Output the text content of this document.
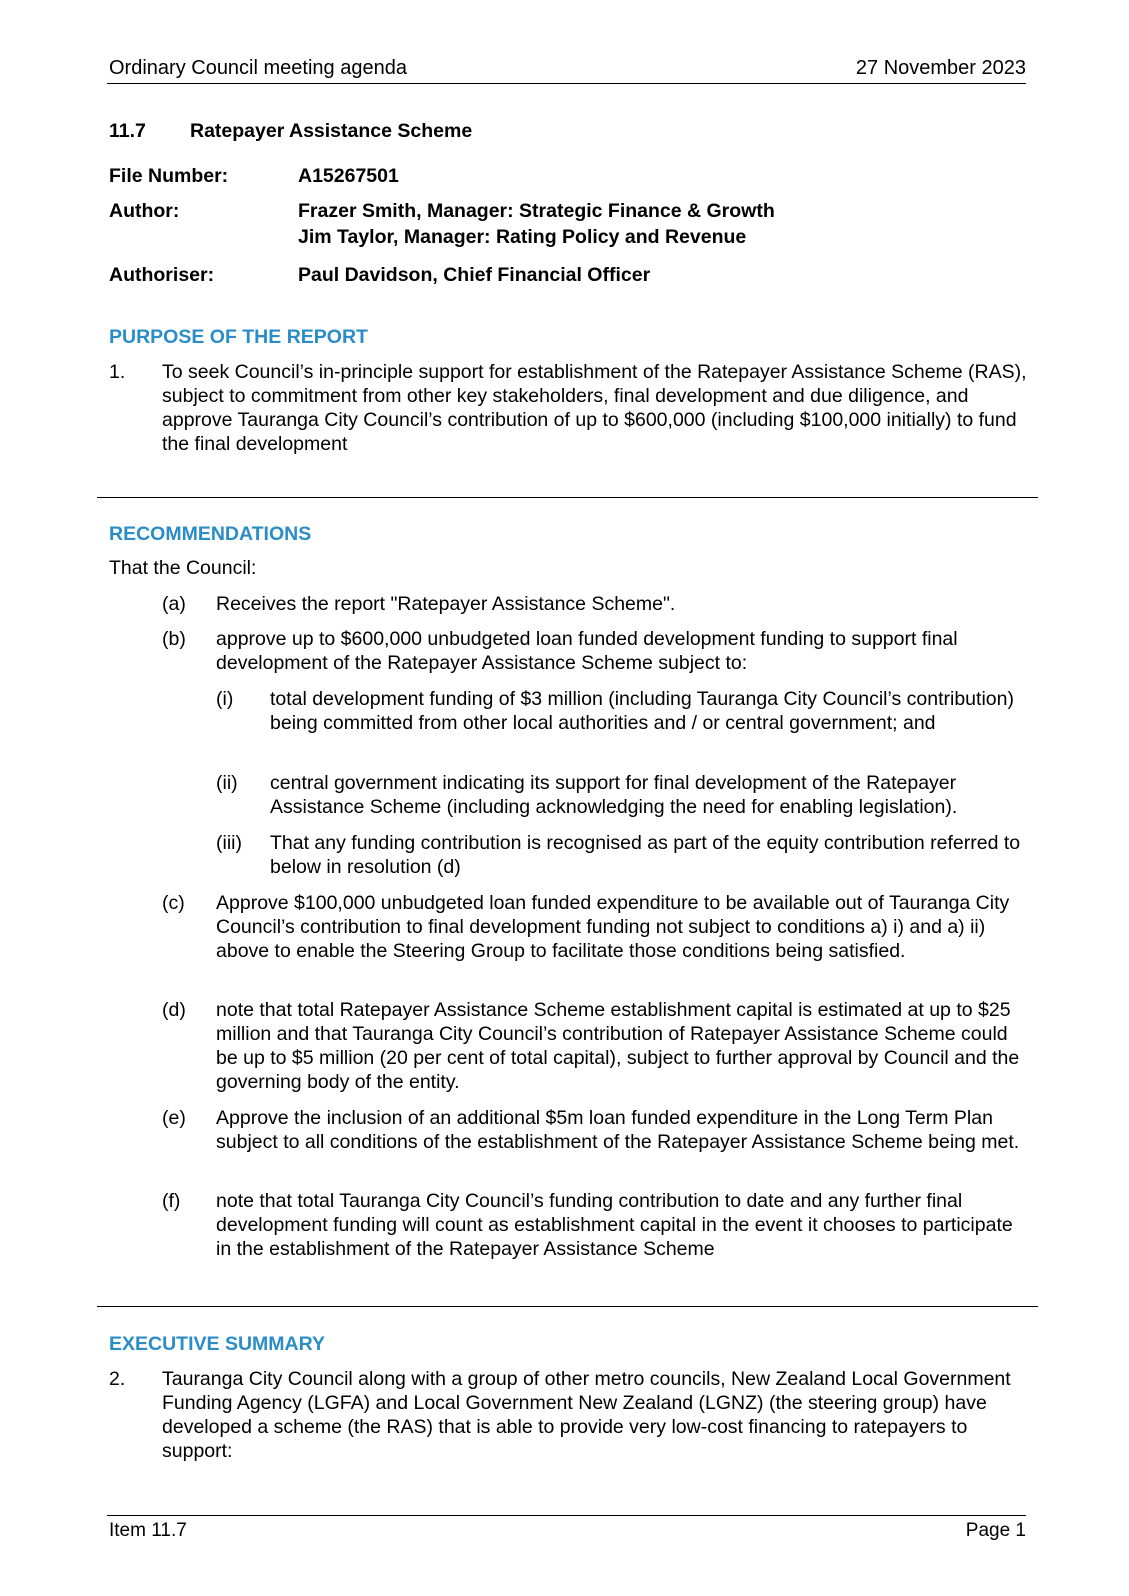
Ordinary Council meeting agenda	27 November 2023
11.7 Ratepayer Assistance Scheme
File Number:	A15267501
Author:	Frazer Smith, Manager: Strategic Finance & Growth
Jim Taylor, Manager: Rating Policy and Revenue
Authoriser:	Paul Davidson, Chief Financial Officer
PURPOSE OF THE REPORT
1. To seek Council’s in-principle support for establishment of the Ratepayer Assistance Scheme (RAS), subject to commitment from other key stakeholders, final development and due diligence, and approve Tauranga City Council’s contribution of up to $600,000 (including $100,000 initially) to fund the final development
RECOMMENDATIONS
That the Council:
(a) Receives the report "Ratepayer Assistance Scheme".
(b) approve up to $600,000 unbudgeted loan funded development funding to support final development of the Ratepayer Assistance Scheme subject to:
(i) total development funding of $3 million (including Tauranga City Council’s contribution) being committed from other local authorities and / or central government; and
(ii) central government indicating its support for final development of the Ratepayer Assistance Scheme (including acknowledging the need for enabling legislation).
(iii) That any funding contribution is recognised as part of the equity contribution referred to below in resolution (d)
(c) Approve $100,000 unbudgeted loan funded expenditure to be available out of Tauranga City Council’s contribution to final development funding not subject to conditions a) i) and a) ii) above to enable the Steering Group to facilitate those conditions being satisfied.
(d) note that total Ratepayer Assistance Scheme establishment capital is estimated at up to $25 million and that Tauranga City Council’s contribution of Ratepayer Assistance Scheme could be up to $5 million (20 per cent of total capital), subject to further approval by Council and the governing body of the entity.
(e) Approve the inclusion of an additional $5m loan funded expenditure in the Long Term Plan subject to all conditions of the establishment of the Ratepayer Assistance Scheme being met.
(f) note that total Tauranga City Council’s funding contribution to date and any further final development funding will count as establishment capital in the event it chooses to participate in the establishment of the Ratepayer Assistance Scheme
EXECUTIVE SUMMARY
2. Tauranga City Council along with a group of other metro councils, New Zealand Local Government Funding Agency (LGFA) and Local Government New Zealand (LGNZ) (the steering group) have developed a scheme (the RAS) that is able to provide very low-cost financing to ratepayers to support:
Item 11.7	Page 1
